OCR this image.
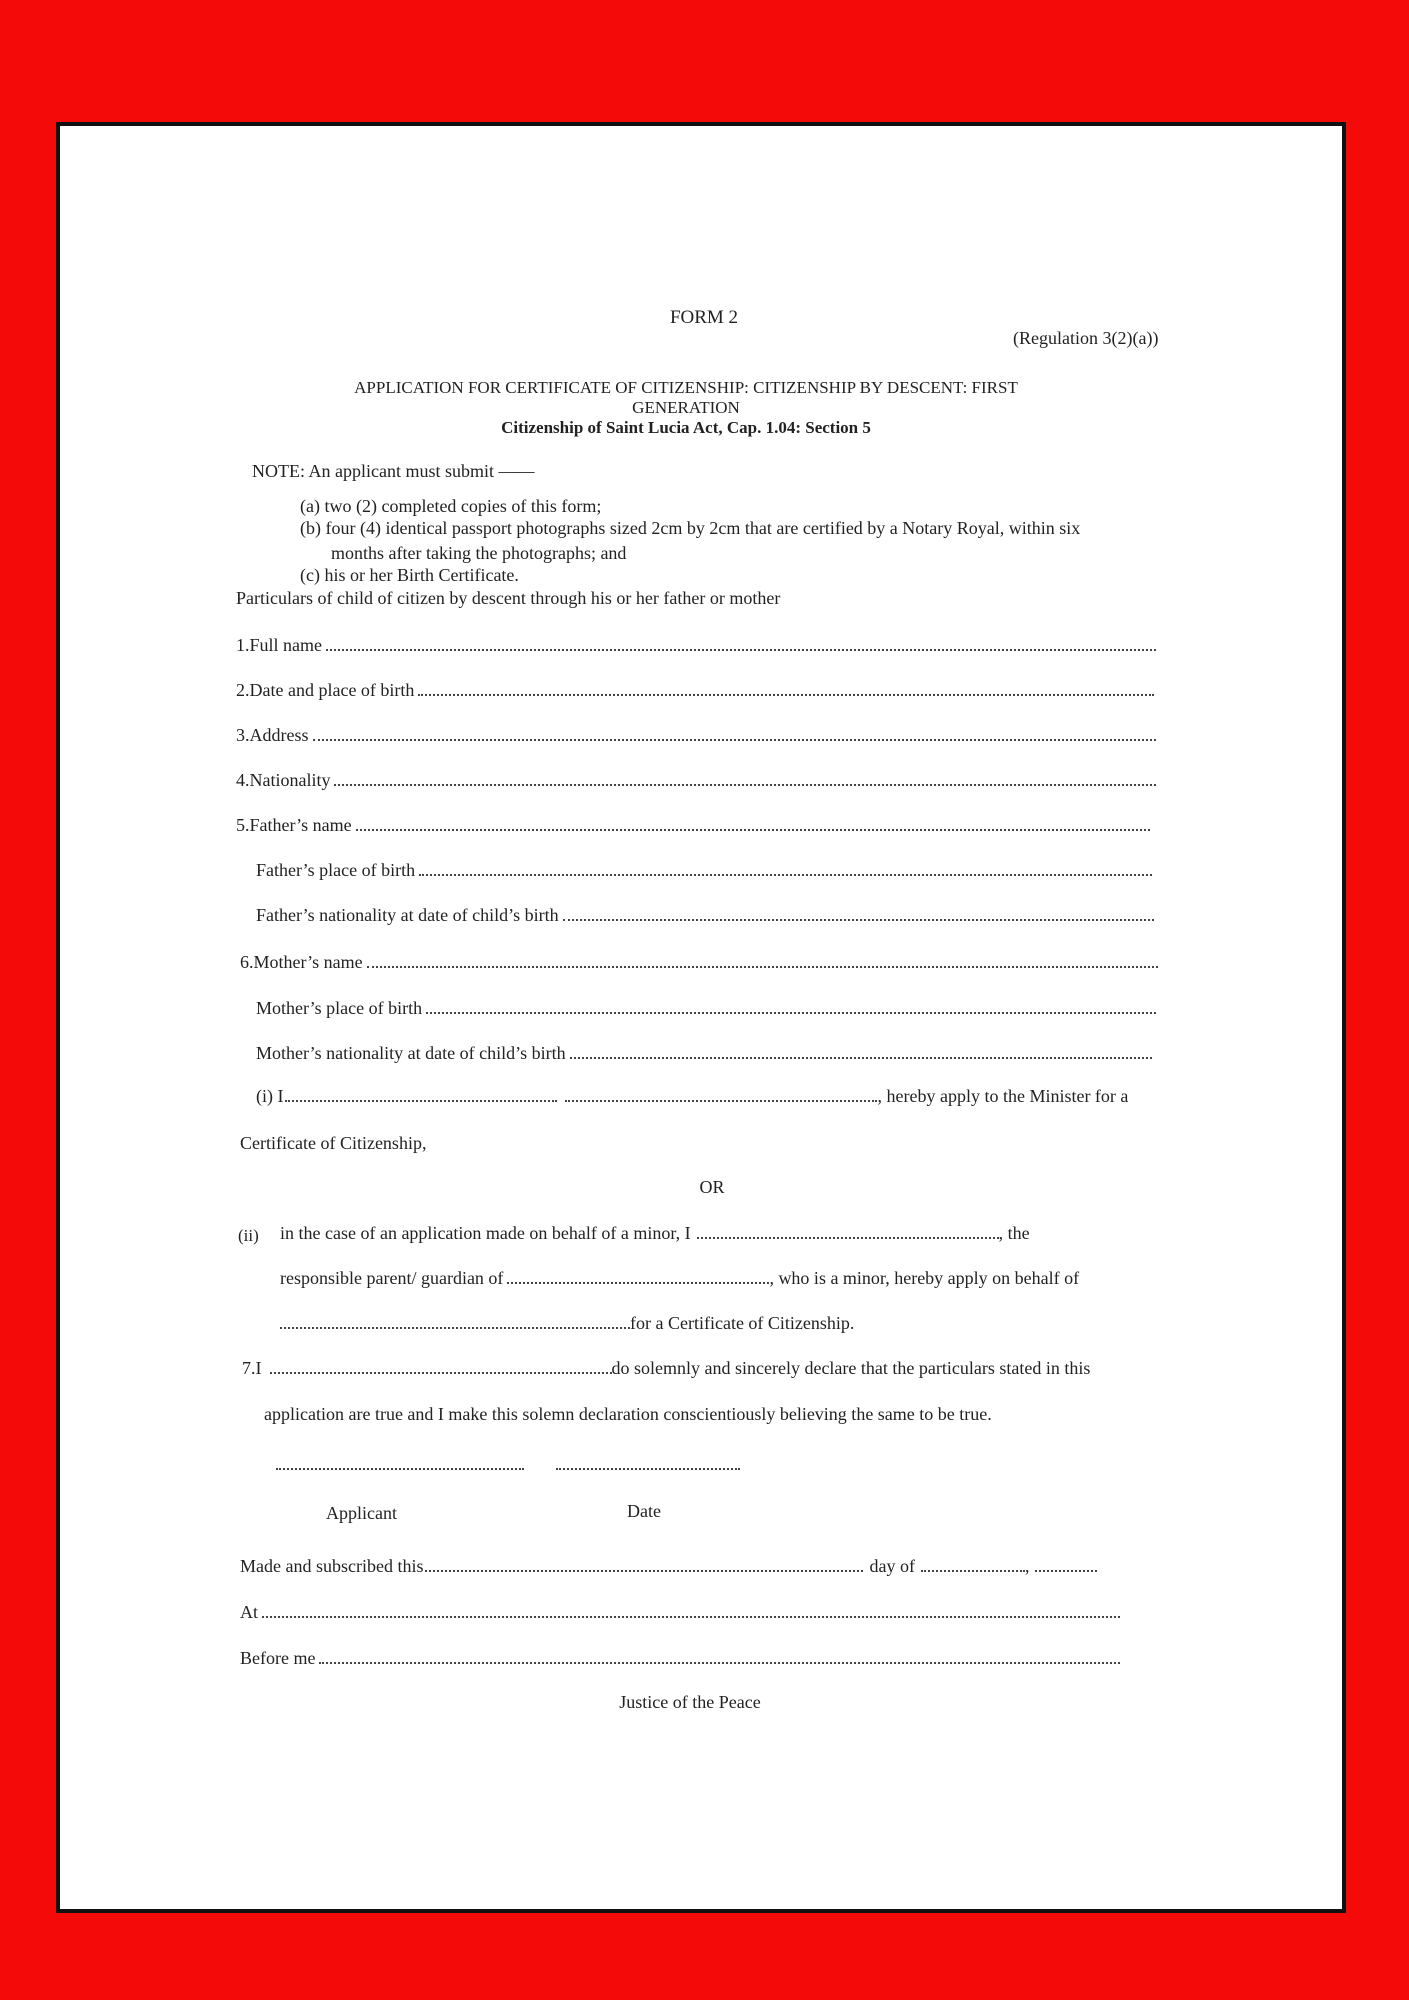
FORM 2
(Regulation 3(2)(a))
APPLICATION FOR CERTIFICATE OF CITIZENSHIP: CITIZENSHIP BY DESCENT: FIRST
GENERATION
Citizenship of Saint Lucia Act, Cap. 1.04: Section 5
NOTE: An applicant must submit ——
(a) two (2) completed copies of this form;
(b) four (4) identical passport photographs sized 2cm by 2cm that are certified by a Notary Royal, within six
months after taking the photographs; and
(c) his or her Birth Certificate.
Particulars of child of citizen by descent through his or her father or mother
1.Full name
2.Date and place of birth
3.Address
4.Nationality
5.Father’s name
Father’s place of birth
Father’s nationality at date of child’s birth
6.Mother’s name
Mother’s place of birth
Mother’s nationality at date of child’s birth
(i) I	, hereby apply to the Minister for a
Certificate of Citizenship,
OR
(ii) in the case of an application made on behalf of a minor, I	, the
responsible parent/ guardian of	, who is a minor, hereby apply on behalf of
for a Certificate of Citizenship.
7.I	do solemnly and sincerely declare that the particulars stated in this
application are true and I make this solemn declaration conscientiously believing the same to be true.
Applicant	Date
Made and subscribed this	day of	,
At
Before me
Justice of the Peace
